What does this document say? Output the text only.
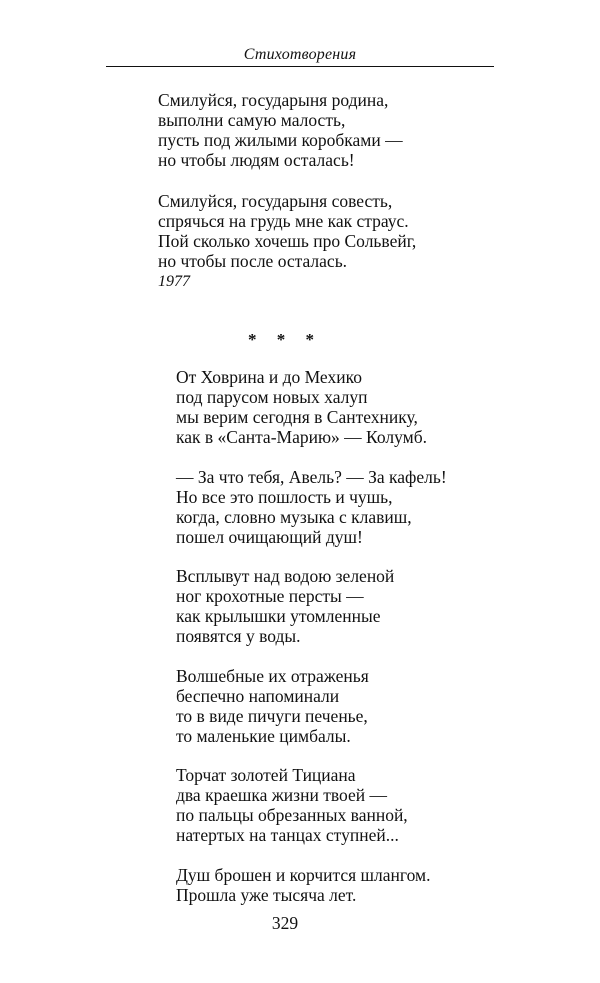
Стихотворения
Смилуйся, государыня родина,
выполни самую малость,
пусть под жилыми коробками —
но чтобы людям осталась!
Смилуйся, государыня совесть,
спрячься на грудь мне как страус.
Пой сколько хочешь про Сольвейг,
но чтобы после осталась.
1977
* * *
От Ховрина и до Мехико
под парусом новых халуп
мы верим сегодня в Сантехнику,
как в «Санта-Марию» — Колумб.
— За что тебя, Авель? — За кафель!
Но все это пошлость и чушь,
когда, словно музыка с клавиш,
пошел очищающий душ!
Всплывут над водою зеленой
ног крохотные персты —
как крылышки утомленные
появятся у воды.
Волшебные их отраженья
беспечно напоминали
то в виде пичуги печенье,
то маленькие цимбалы.
Торчат золотей Тициана
два краешка жизни твоей —
по пальцы обрезанных ванной,
натертых на танцах ступней...
Душ брошен и корчится шлангом.
Прошла уже тысяча лет.
329
